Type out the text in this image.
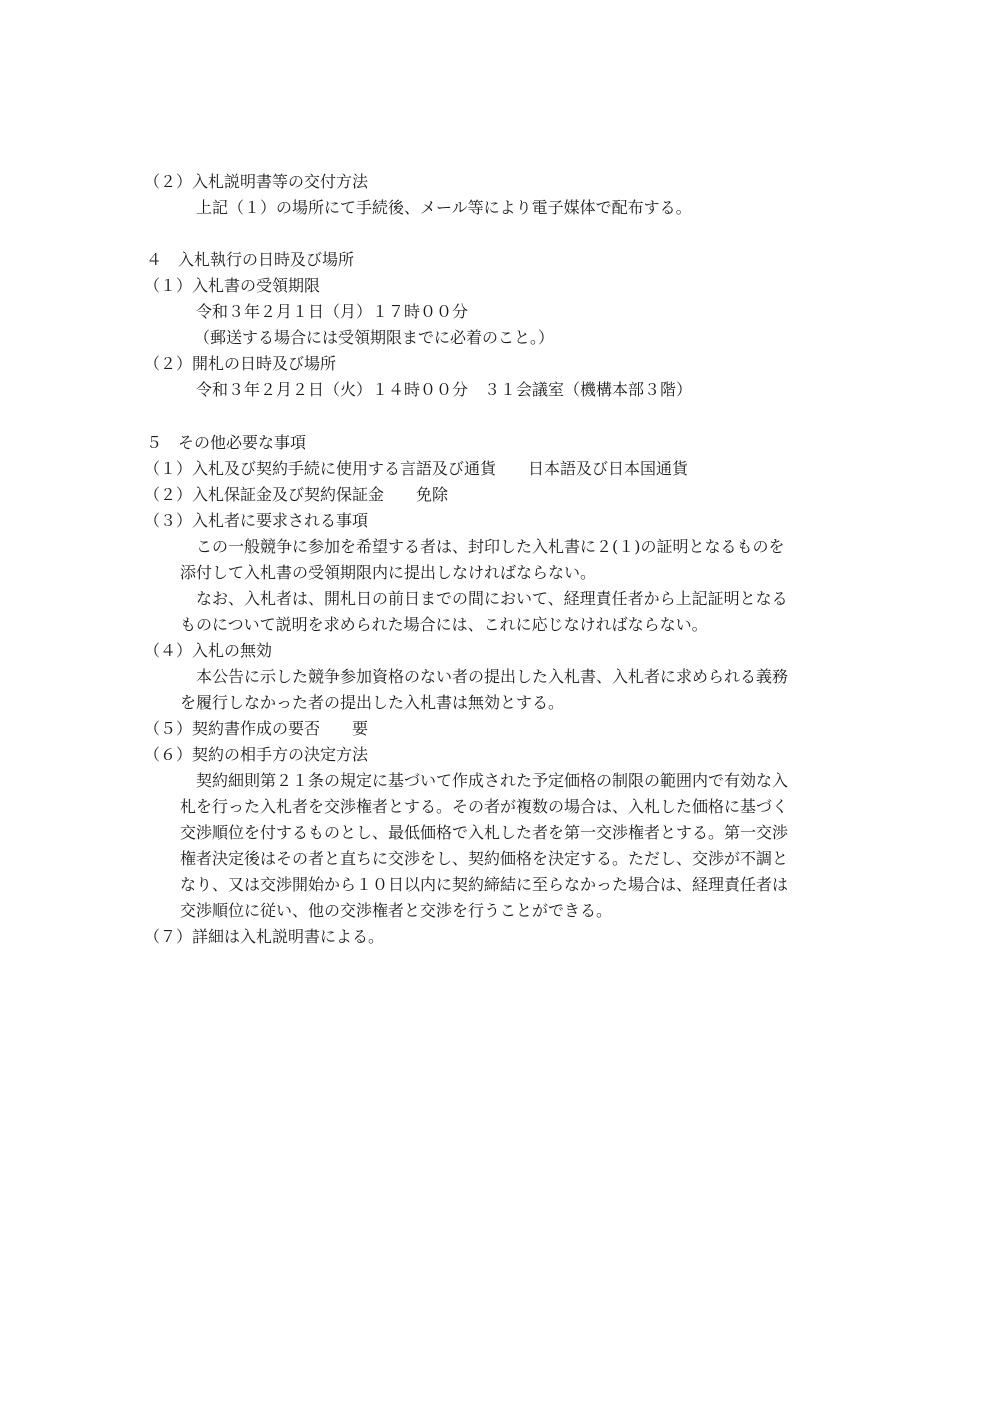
（２）入札説明書等の交付方法
上記（１）の場所にて手続後、メール等により電子媒体で配布する。
４　入札執行の日時及び場所
（１）入札書の受領期限
令和３年２月１日（月）１７時００分
（郵送する場合には受領期限までに必着のこと。）
（２）開札の日時及び場所
令和３年２月２日（火）１４時００分　３１会議室（機構本部３階）
５　その他必要な事項
（１）入札及び契約手続に使用する言語及び通貨　　日本語及び日本国通貨
（２）入札保証金及び契約保証金　　免除
（３）入札者に要求される事項
この一般競争に参加を希望する者は、封印した入札書に２(１)の証明となるものを
添付して入札書の受領期限内に提出しなければならない。
なお、入札者は、開札日の前日までの間において、経理責任者から上記証明となる
ものについて説明を求められた場合には、これに応じなければならない。
（４）入札の無効
本公告に示した競争参加資格のない者の提出した入札書、入札者に求められる義務
を履行しなかった者の提出した入札書は無効とする。
（５）契約書作成の要否　　要
（６）契約の相手方の決定方法
契約細則第２１条の規定に基づいて作成された予定価格の制限の範囲内で有効な入
札を行った入札者を交渉権者とする。その者が複数の場合は、入札した価格に基づく
交渉順位を付するものとし、最低価格で入札した者を第一交渉権者とする。第一交渉
権者決定後はその者と直ちに交渉をし、契約価格を決定する。ただし、交渉が不調と
なり、又は交渉開始から１０日以内に契約締結に至らなかった場合は、経理責任者は
交渉順位に従い、他の交渉権者と交渉を行うことができる。
（７）詳細は入札説明書による。
